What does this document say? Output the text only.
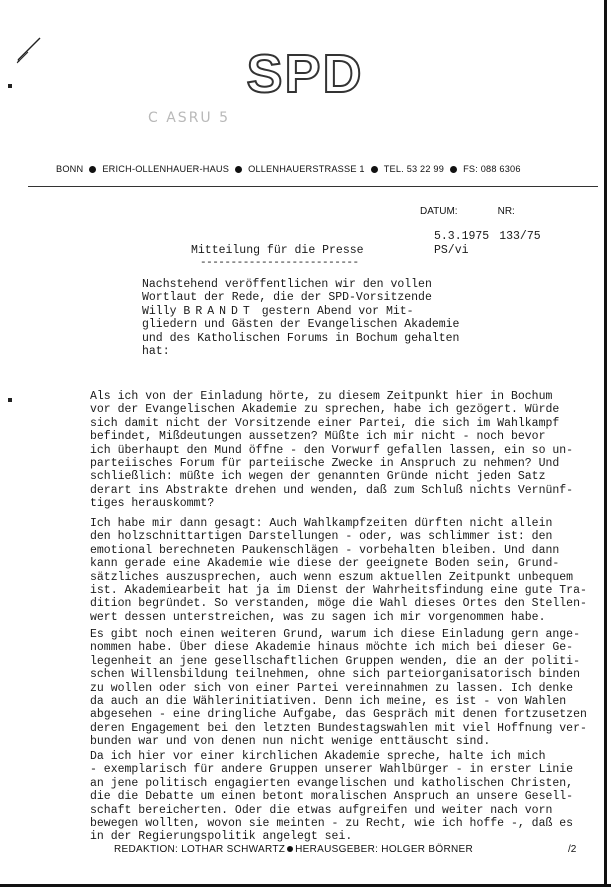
SPD
C ASRU 5
BONN ERICH-OLLENHAUER-HAUS OLLENHAUERSTRASSE 1 TEL. 53 22 99 FS: 088 6306
DATUM:	NR:
5.3.1975 133/75
PS/vi
Mitteilung für die Presse
--------------------------
Nachstehend veröffentlichen wir den vollen
Wortlaut der Rede, die der SPD-Vorsitzende
Willy BRANDT gestern Abend vor Mit-
gliedern und Gästen der Evangelischen Akademie
und des Katholischen Forums in Bochum gehalten
hat:
Als ich von der Einladung hörte, zu diesem Zeitpunkt hier in Bochum
vor der Evangelischen Akademie zu sprechen, habe ich gezögert. Würde
sich damit nicht der Vorsitzende einer Partei, die sich im Wahlkampf
befindet, Mißdeutungen aussetzen? Müßte ich mir nicht - noch bevor
ich überhaupt den Mund öffne - den Vorwurf gefallen lassen, ein so un-
parteiisches Forum für parteiische Zwecke in Anspruch zu nehmen? Und
schließlich: müßte ich wegen der genannten Gründe nicht jeden Satz
derart ins Abstrakte drehen und wenden, daß zum Schluß nichts Vernünf-
tiges herauskommt?
Ich habe mir dann gesagt: Auch Wahlkampfzeiten dürften nicht allein
den holzschnittartigen Darstellungen - oder, was schlimmer ist: den
emotional berechneten Paukenschlägen - vorbehalten bleiben. Und dann
kann gerade eine Akademie wie diese der geeignete Boden sein, Grund-
sätzliches auszusprechen, auch wenn eszum aktuellen Zeitpunkt unbequem
ist. Akademiearbeit hat ja im Dienst der Wahrheitsfindung eine gute Tra-
dition begründet. So verstanden, möge die Wahl dieses Ortes den Stellen-
wert dessen unterstreichen, was zu sagen ich mir vorgenommen habe.
Es gibt noch einen weiteren Grund, warum ich diese Einladung gern ange-
nommen habe. Über diese Akademie hinaus möchte ich mich bei dieser Ge-
legenheit an jene gesellschaftlichen Gruppen wenden, die an der politi-
schen Willensbildung teilnehmen, ohne sich parteiorganisatorisch binden
zu wollen oder sich von einer Partei vereinnahmen zu lassen. Ich denke
da auch an die Wählerinitiativen. Denn ich meine, es ist - von Wahlen
abgesehen - eine dringliche Aufgabe, das Gespräch mit denen fortzusetzen
deren Engagement bei den letzten Bundestagswahlen mit viel Hoffnung ver-
bunden war und von denen nun nicht wenige enttäuscht sind.
Da ich hier vor einer kirchlichen Akademie spreche, halte ich mich
- exemplarisch für andere Gruppen unserer Wahlbürger - in erster Linie
an jene politisch engagierten evangelischen und katholischen Christen,
die die Debatte um einen betont moralischen Anspruch an unsere Gesell-
schaft bereicherten. Oder die etwas aufgreifen und weiter nach vorn
bewegen wollten, wovon sie meinten - zu Recht, wie ich hoffe -, daß es
in der Regierungspolitik angelegt sei.
REDAKTION: LOTHAR SCHWARTZ HERAUSGEBER: HOLGER BÖRNER	/2
